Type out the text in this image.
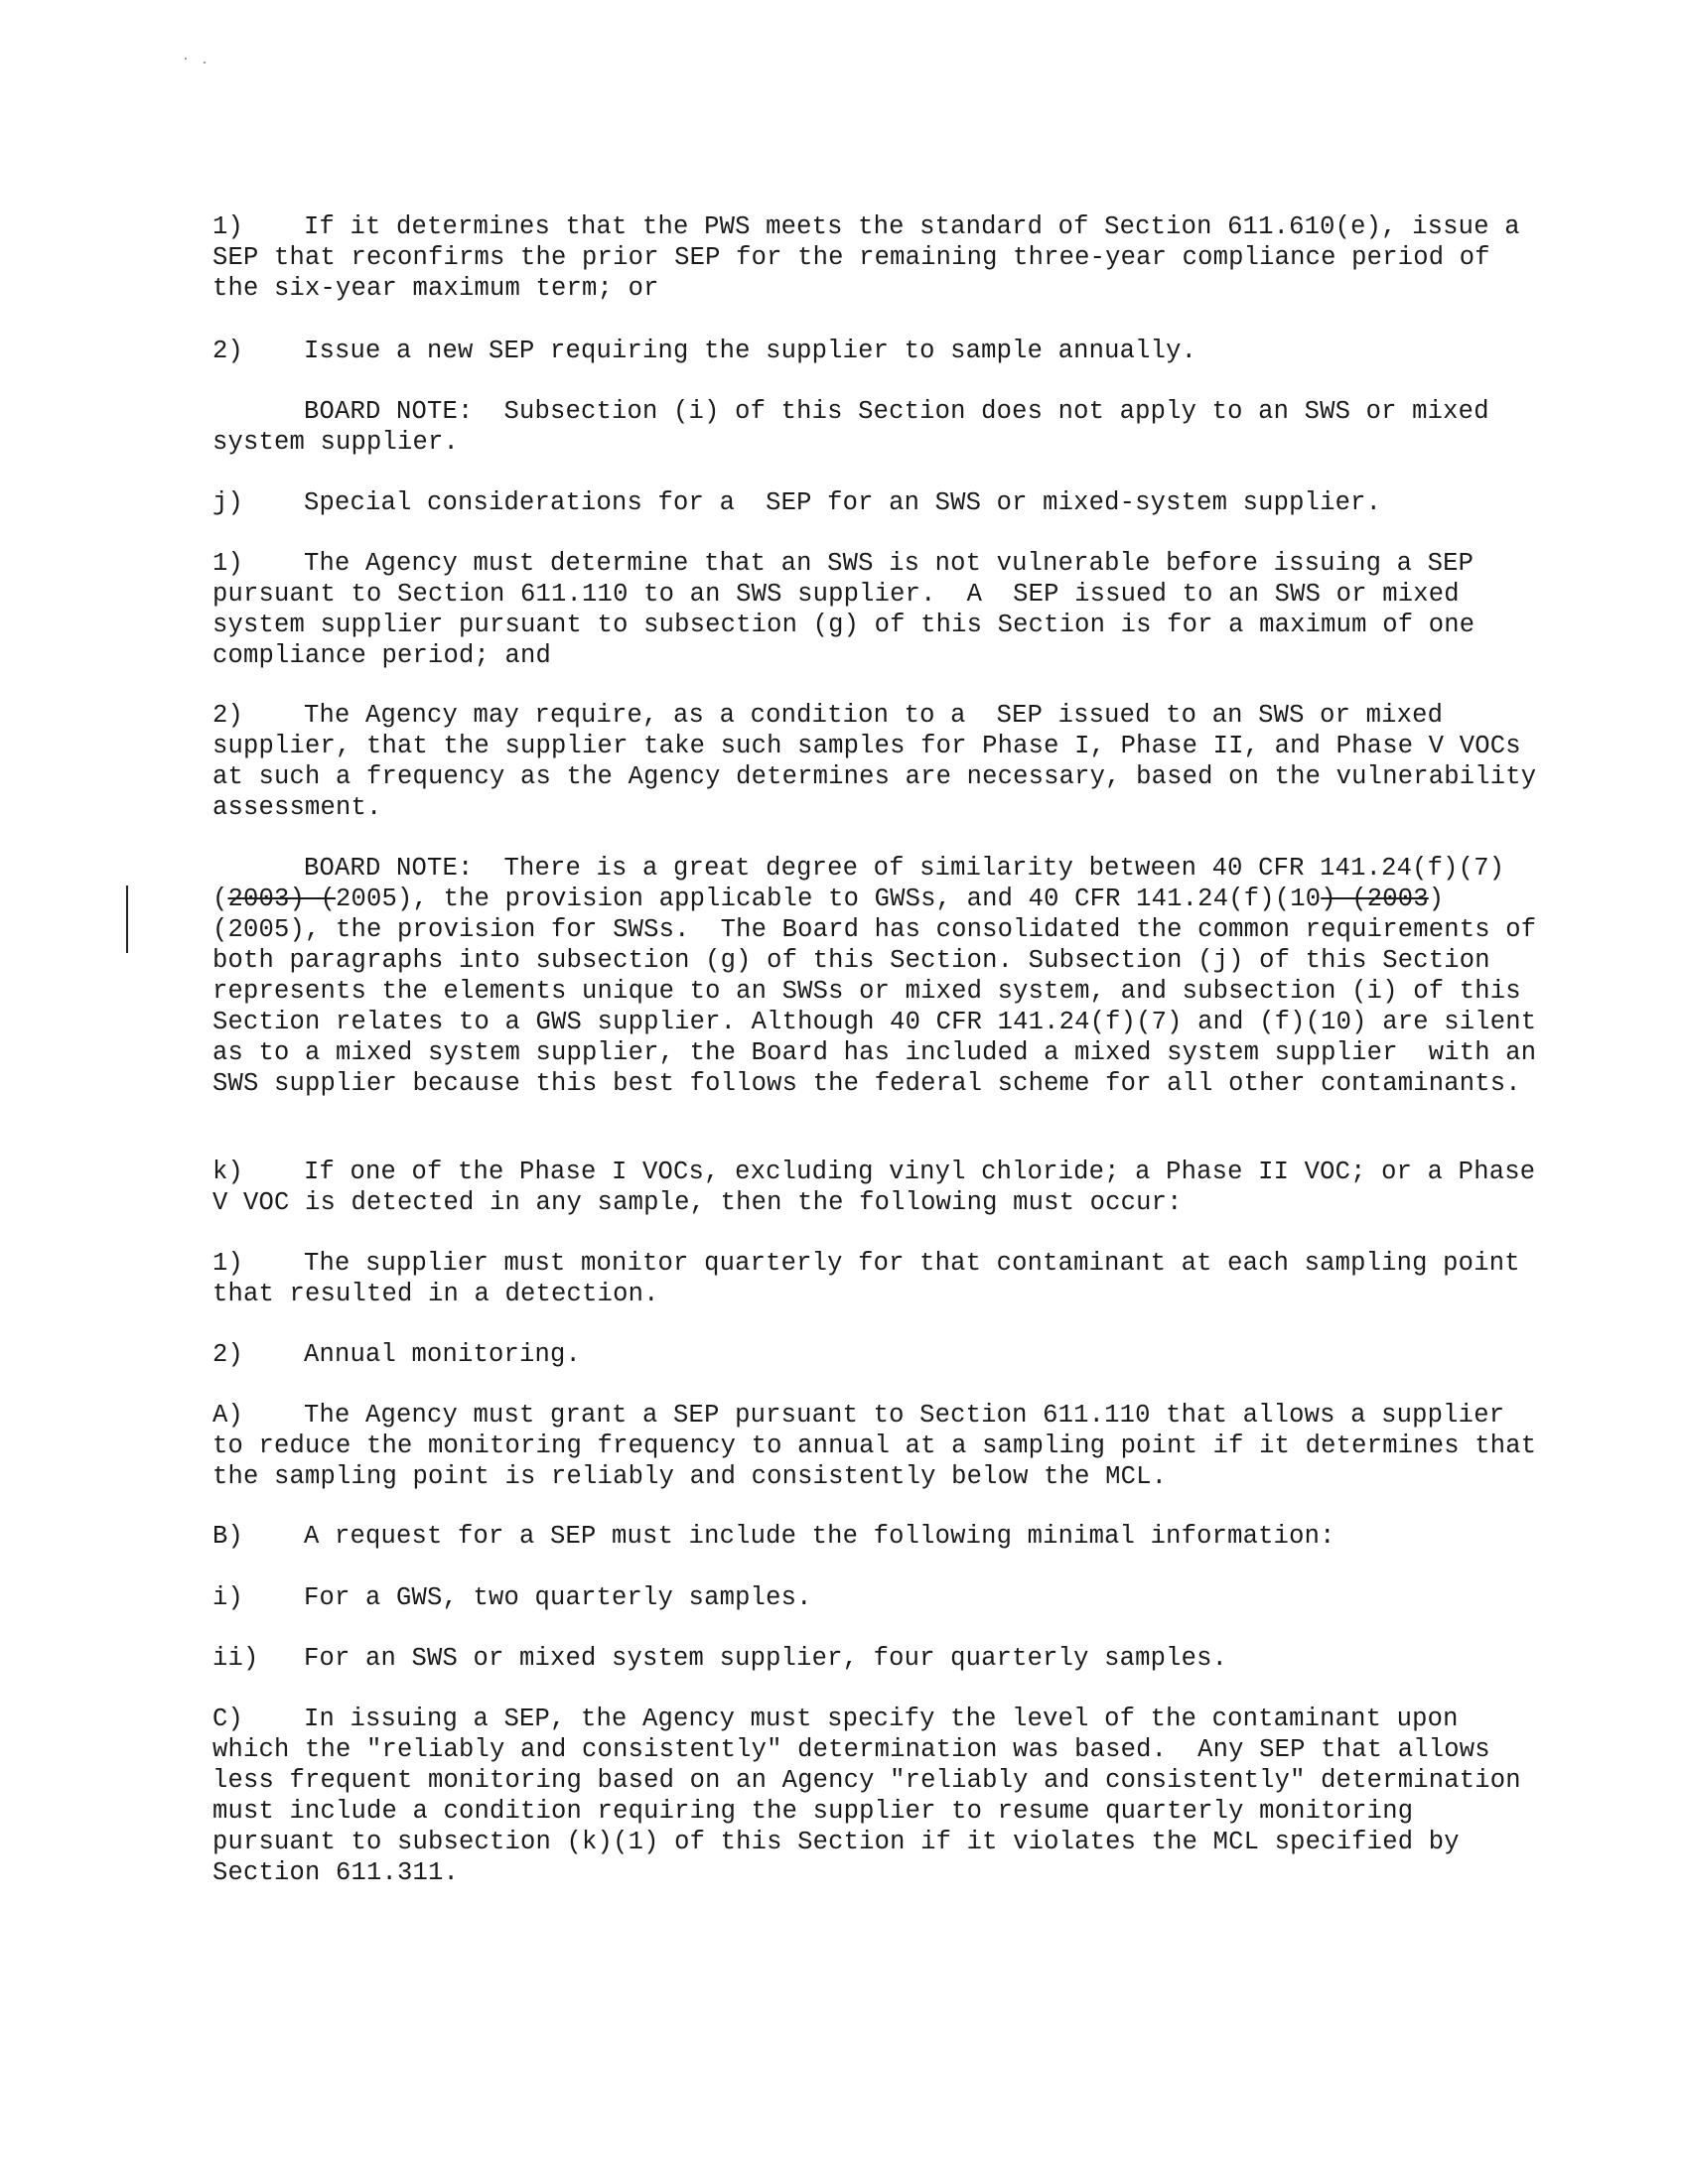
1) If it determines that the PWS meets the standard of Section 611.610(e), issue a  SEP that reconfirms the prior SEP for the remaining three-year compliance period of the six-year maximum term; or

2) Issue a new SEP requiring the supplier to sample annually.

BOARD NOTE:  Subsection (i) of this Section does not apply to an SWS or mixed system supplier.

j) Special considerations for a  SEP for an SWS or mixed-system supplier.

1) The Agency must determine that an SWS is not vulnerable before issuing a SEP pursuant to Section 611.110 to an SWS supplier.  A  SEP issued to an SWS or mixed system supplier pursuant to subsection (g) of this Section is for a maximum of one compliance period; and

2) The Agency may require, as a condition to a  SEP issued to an SWS or mixed supplier, that the supplier take such samples for Phase I, Phase II, and Phase V VOCs at such a frequency as the Agency determines are necessary, based on the vulnerability assessment.

BOARD NOTE:  There is a great degree of similarity between 40 CFR 141.24(f)(7) (2003) (2005), the provision applicable to GWSs, and 40 CFR 141.24(f)(10) (2003) (2005), the provision for SWSs.  The Board has consolidated the common requirements of both paragraphs into subsection (g) of this Section. Subsection (j) of this Section represents the elements unique to an SWSs or mixed system, and subsection (i) of this Section relates to a GWS supplier. Although 40 CFR 141.24(f)(7) and (f)(10) are silent as to a mixed system supplier, the Board has included a mixed system supplier  with an SWS supplier because this best follows the federal scheme for all other contaminants.

k) If one of the Phase I VOCs, excluding vinyl chloride; a Phase II VOC; or a Phase V VOC is detected in any sample, then the following must occur:

1) The supplier must monitor quarterly for that contaminant at each sampling point that resulted in a detection.

2) Annual monitoring.

A) The Agency must grant a SEP pursuant to Section 611.110 that allows a supplier to reduce the monitoring frequency to annual at a sampling point if it determines that the sampling point is reliably and consistently below the MCL.

B) A request for a SEP must include the following minimal information:

i) For a GWS, two quarterly samples.

ii) For an SWS or mixed system supplier, four quarterly samples.

C) In issuing a SEP, the Agency must specify the level of the contaminant upon which the "reliably and consistently" determination was based.  Any SEP that allows less frequent monitoring based on an Agency "reliably and consistently" determination must include a condition requiring the supplier to resume quarterly monitoring pursuant to subsection (k)(1) of this Section if it violates the MCL specified by Section 611.311.
